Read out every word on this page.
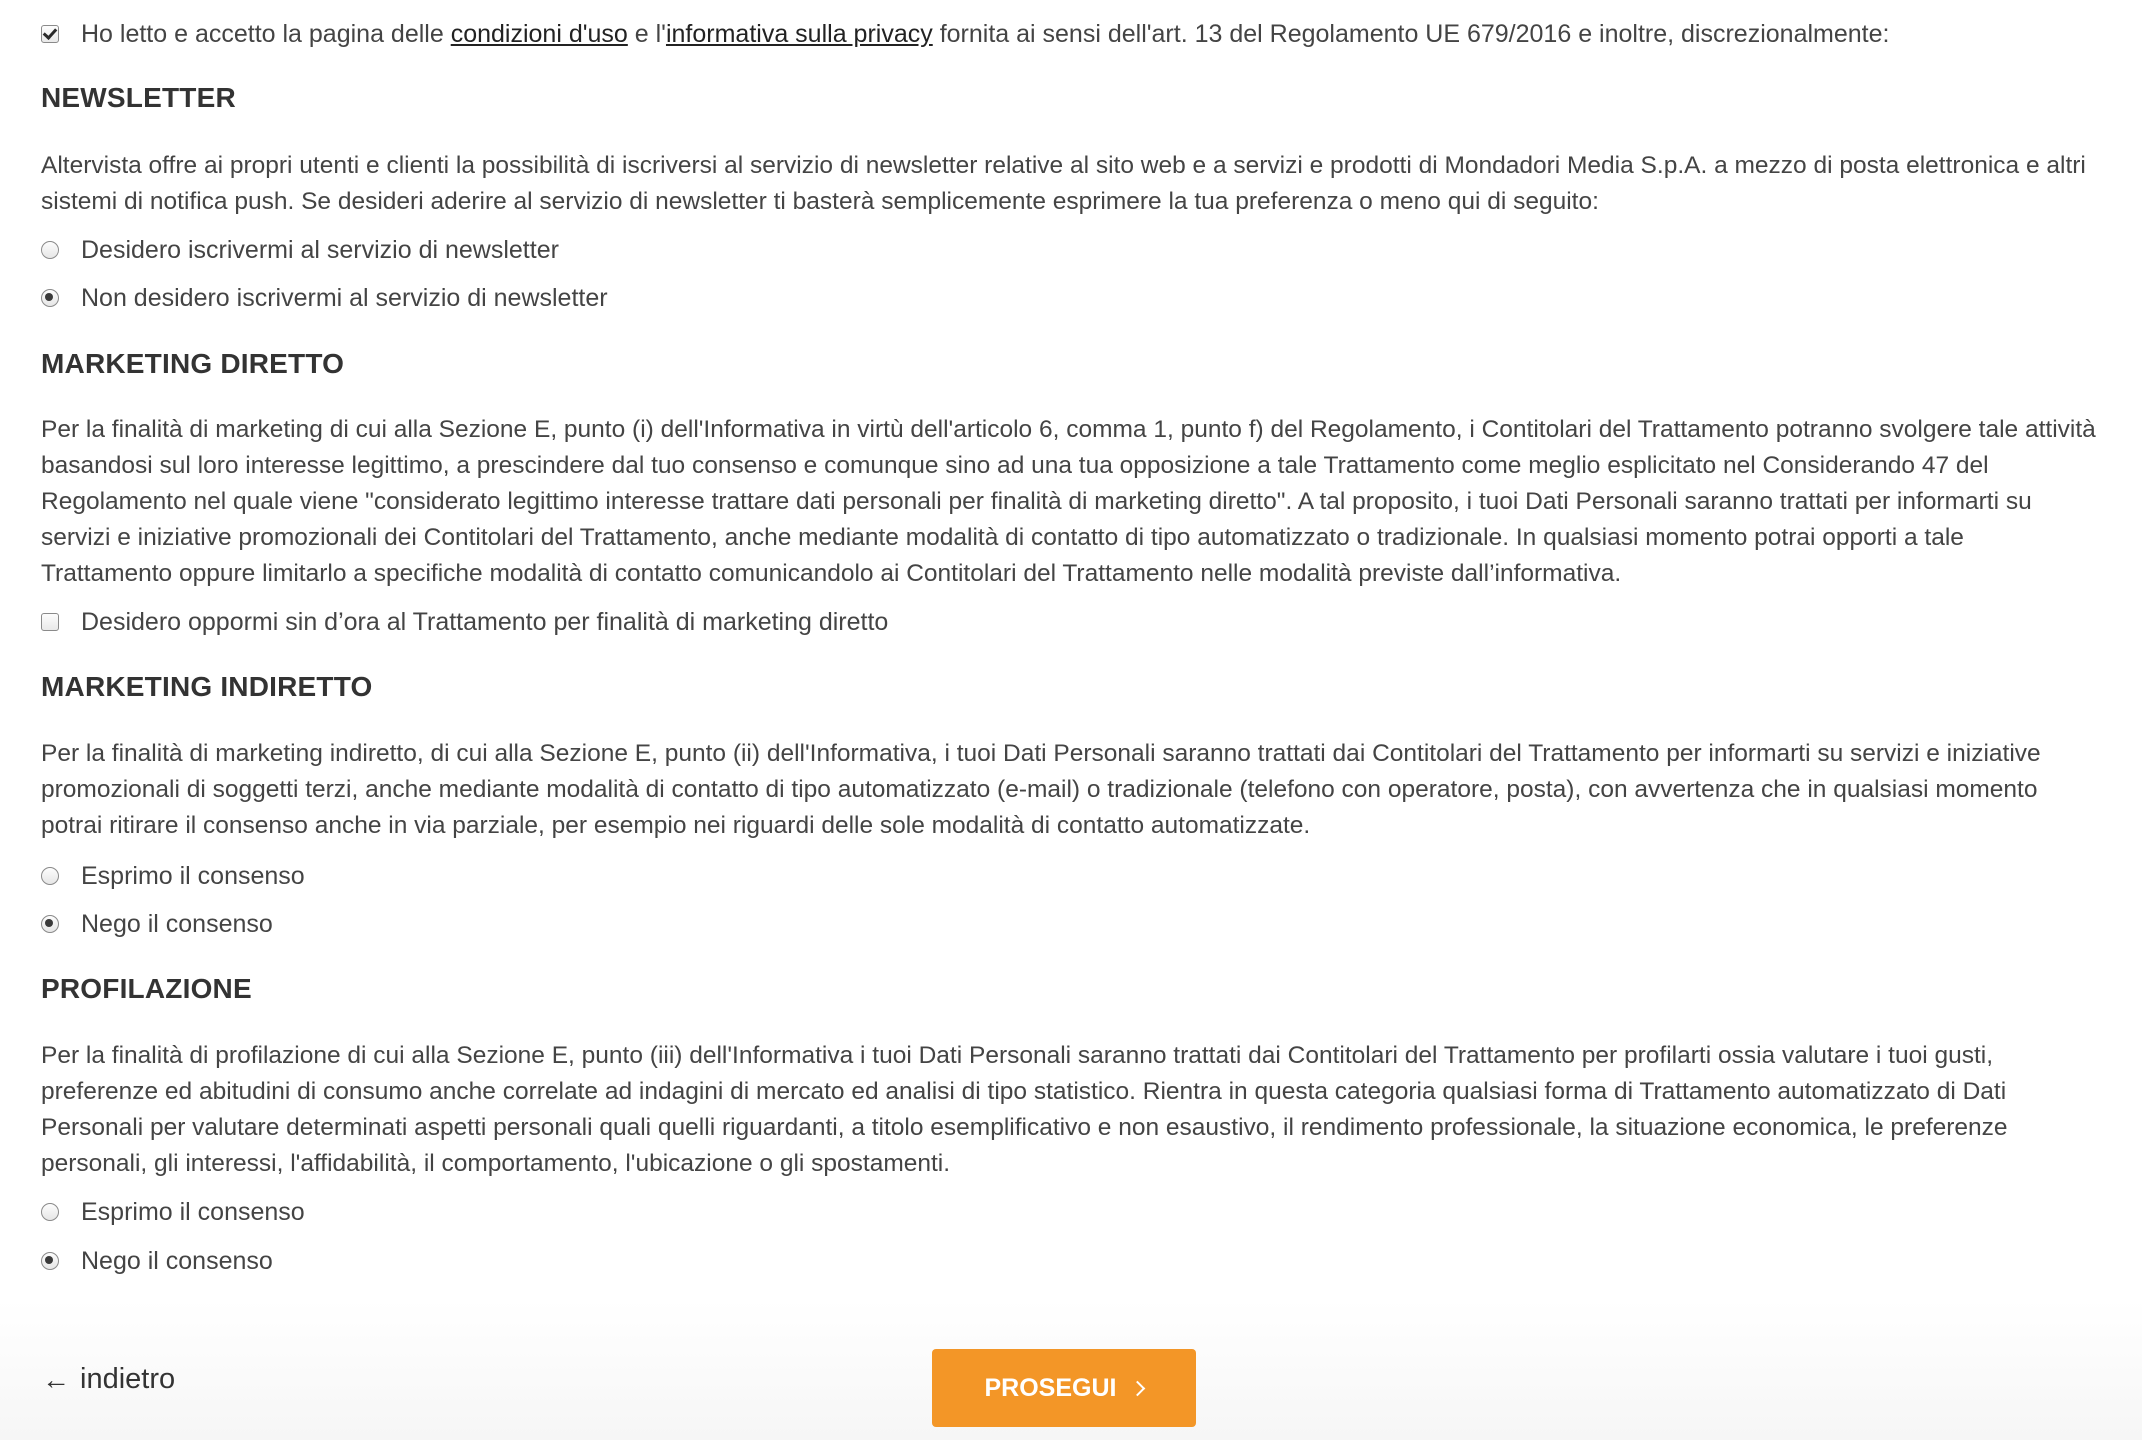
Ho letto e accetto la pagina delle condizioni d'uso e l'informativa sulla privacy fornita ai sensi dell'art. 13 del Regolamento UE 679/2016 e inoltre, discrezionalmente:
NEWSLETTER

Altervista offre ai propri utenti e clienti la possibilità di iscriversi al servizio di newsletter relative al sito web e a servizi e prodotti di Mondadori Media S.p.A. a mezzo di posta elettronica e altri sistemi di notifica push. Se desideri aderire al servizio di newsletter ti basterà semplicemente esprimere la tua preferenza o meno qui di seguito:

Desidero iscrivermi al servizio di newsletter
Non desidero iscrivermi al servizio di newsletter
MARKETING DIRETTO

Per la finalità di marketing di cui alla Sezione E, punto (i) dell'Informativa in virtù dell'articolo 6, comma 1, punto f) del Regolamento, i Contitolari del Trattamento potranno svolgere tale attività basandosi sul loro interesse legittimo, a prescindere dal tuo consenso e comunque sino ad una tua opposizione a tale Trattamento come meglio esplicitato nel Considerando 47 del Regolamento nel quale viene "considerato legittimo interesse trattare dati personali per finalità di marketing diretto". A tal proposito, i tuoi Dati Personali saranno trattati per informarti su servizi e iniziative promozionali dei Contitolari del Trattamento, anche mediante modalità di contatto di tipo automatizzato o tradizionale. In qualsiasi momento potrai opporti a tale Trattamento oppure limitarlo a specifiche modalità di contatto comunicandolo ai Contitolari del Trattamento nelle modalità previste dall’informativa.

Desidero oppormi sin d’ora al Trattamento per finalità di marketing diretto
MARKETING INDIRETTO

Per la finalità di marketing indiretto, di cui alla Sezione E, punto (ii) dell'Informativa, i tuoi Dati Personali saranno trattati dai Contitolari del Trattamento per informarti su servizi e iniziative promozionali di soggetti terzi, anche mediante modalità di contatto di tipo automatizzato (e-mail) o tradizionale (telefono con operatore, posta), con avvertenza che in qualsiasi momento potrai ritirare il consenso anche in via parziale, per esempio nei riguardi delle sole modalità di contatto automatizzate.

Esprimo il consenso
Nego il consenso
PROFILAZIONE

Per la finalità di profilazione di cui alla Sezione E, punto (iii) dell'Informativa i tuoi Dati Personali saranno trattati dai Contitolari del Trattamento per profilarti ossia valutare i tuoi gusti, preferenze ed abitudini di consumo anche correlate ad indagini di mercato ed analisi di tipo statistico. Rientra in questa categoria qualsiasi forma di Trattamento automatizzato di Dati Personali per valutare determinati aspetti personali quali quelli riguardanti, a titolo esemplificativo e non esaustivo, il rendimento professionale, la situazione economica, le preferenze personali, gli interessi, l'affidabilità, il comportamento, l'ubicazione o gli spostamenti.

Esprimo il consenso
Nego il consenso
← indietro	PROSEGUI
